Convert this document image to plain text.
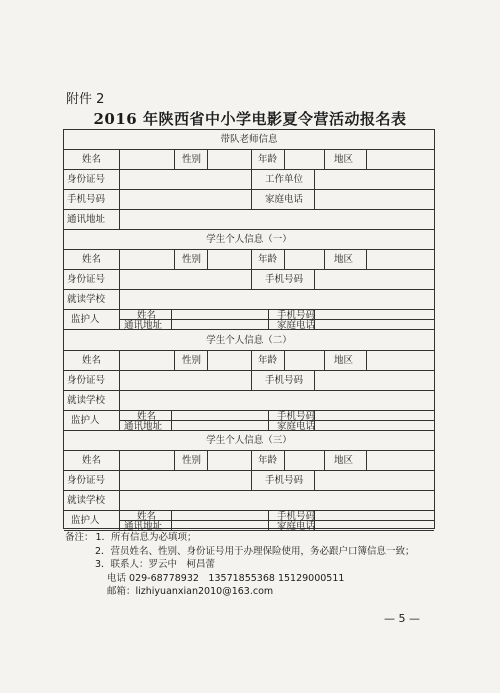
附件 2
2016 年陕西省中小学电影夏令营活动报名表
带队老师信息
姓名	性别	年龄	地区
身份证号	工作单位
手机号码	家庭电话
通讯地址
学生个人信息（一）
姓名	性别	年龄	地区
身份证号	手机号码
就读学校
监护人	姓名	手机号码
通讯地址	家庭电话
学生个人信息（二）
姓名	性别	年龄	地区
身份证号	手机号码
就读学校
监护人	姓名	手机号码
通讯地址	家庭电话
学生个人信息（三）
姓名	性别	年龄	地区
身份证号	手机号码
就读学校
监护人	姓名	手机号码
通讯地址	家庭电话
备注： 1．所有信息为必填项；
2．营员姓名、性别、身份证号用于办理保险使用，务必跟户口簿信息一致；
3．联系人：罗云中　柯昌蕾
电话 029-68778932　13571855368 15129000511
邮箱：lizhiyuanxian2010@163.com
— 5 —
